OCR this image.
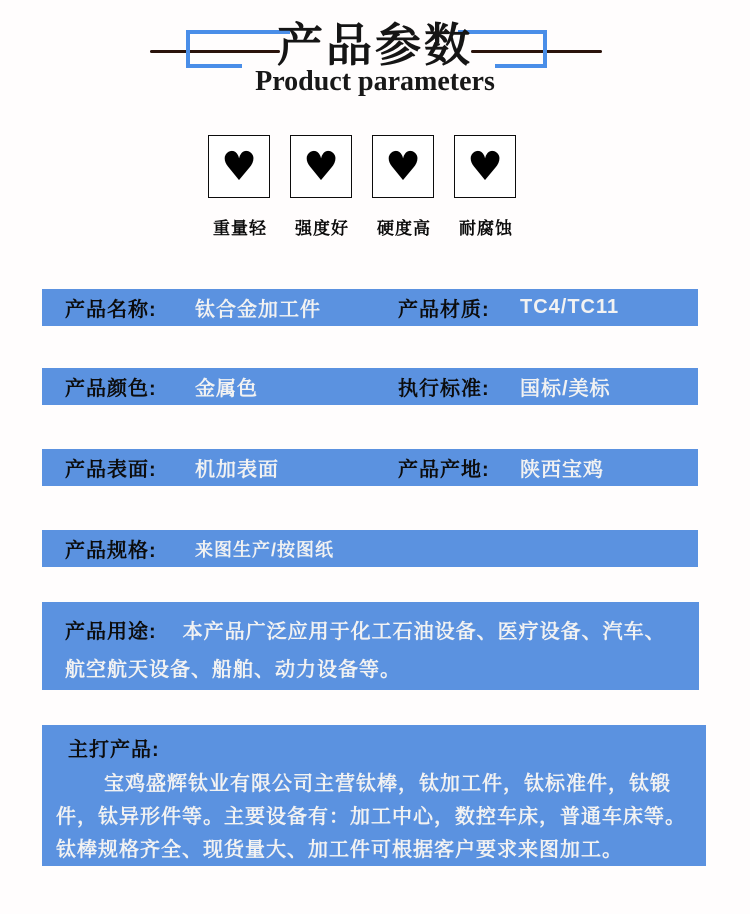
产品参数
Product parameters
♥
重量轻
♥
强度好
♥
硬度高
♥
耐腐蚀
产品名称:	钛合金加工件	产品材质:	TC4/TC11
产品颜色:	金属色	执行标准:	国标/美标
产品表面:	机加表面	产品产地:	陕西宝鸡
产品规格:	来图生产/按图纸
产品用途: 本产品广泛应用于化工石油设备、医疗设备、汽车、航空航天设备、船舶、动力设备等。
主打产品:
宝鸡盛辉钛业有限公司主营钛棒，钛加工件，钛标准件，钛锻件，钛异形件等。主要设备有：加工中心，数控车床，普通车床等。钛棒规格齐全、现货量大、加工件可根据客户要求来图加工。
